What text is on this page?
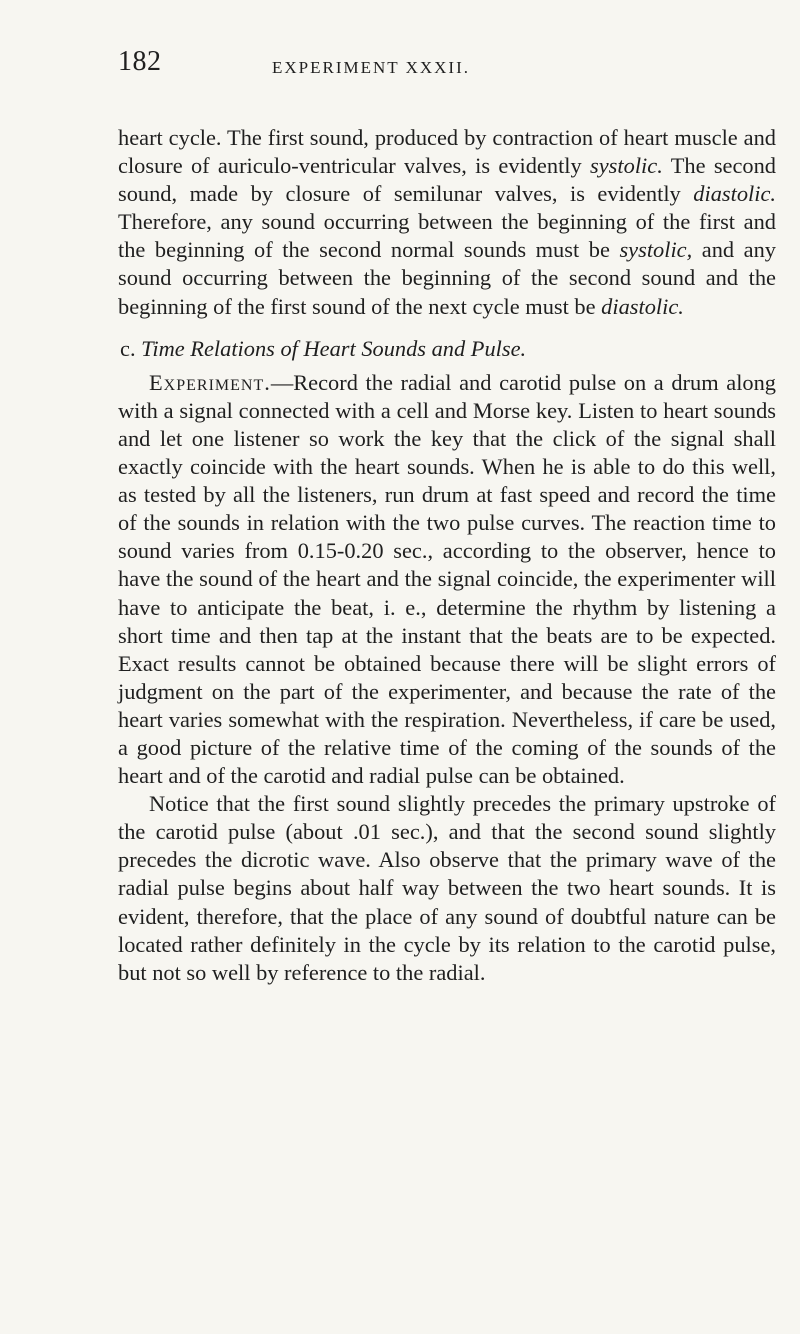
182	EXPERIMENT XXXII.

heart cycle. The first sound, produced by contraction of heart muscle and closure of auriculo-ventricular valves, is evidently systolic. The second sound, made by closure of semilunar valves, is evidently diastolic. Therefore, any sound occurring between the beginning of the first and the beginning of the second normal sounds must be systolic, and any sound occurring between the beginning of the second sound and the beginning of the first sound of the next cycle must be diastolic.

c. Time Relations of Heart Sounds and Pulse.

Experiment.—Record the radial and carotid pulse on a drum along with a signal connected with a cell and Morse key. Listen to heart sounds and let one listener so work the key that the click of the signal shall exactly coincide with the heart sounds. When he is able to do this well, as tested by all the listeners, run drum at fast speed and record the time of the sounds in relation with the two pulse curves. The reaction time to sound varies from 0.15-0.20 sec., according to the observer, hence to have the sound of the heart and the signal coincide, the experimenter will have to anticipate the beat, i. e., determine the rhythm by listening a short time and then tap at the instant that the beats are to be expected. Exact results cannot be obtained because there will be slight errors of judgment on the part of the experimenter, and because the rate of the heart varies somewhat with the respiration. Nevertheless, if care be used, a good picture of the relative time of the coming of the sounds of the heart and of the carotid and radial pulse can be obtained.

Notice that the first sound slightly precedes the primary upstroke of the carotid pulse (about .01 sec.), and that the second sound slightly precedes the dicrotic wave. Also observe that the primary wave of the radial pulse begins about half way between the two heart sounds. It is evident, therefore, that the place of any sound of doubtful nature can be located rather definitely in the cycle by its relation to the carotid pulse, but not so well by reference to the radial.
